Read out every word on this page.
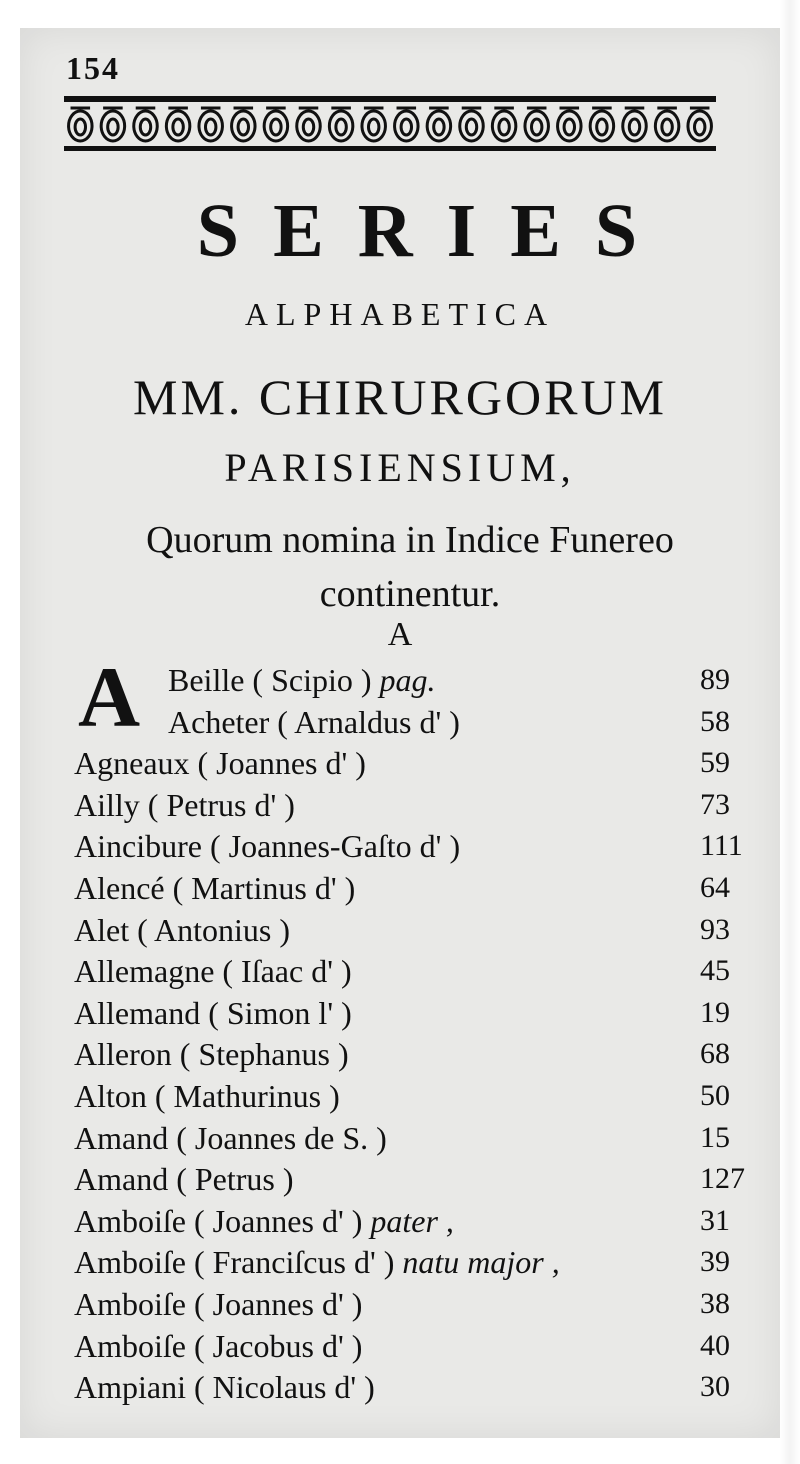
154
SERIES
ALPHABETICA
MM. CHIRURGORUM
PARISIENSIUM,
Quorum nomina in Indice Funereo
continentur.
A
A Beille ( Scipio ) pag.	89
Acheter ( Arnaldus d' )	58
Agneaux ( Joannes d' )	59
Ailly ( Petrus d' )	73
Aincibure ( Joannes-Gaſto d' )	111
Alencé ( Martinus d' )	64
Alet ( Antonius )	93
Allemagne ( Iſaac d' )	45
Allemand ( Simon l' )	19
Alleron ( Stephanus )	68
Alton ( Mathurinus )	50
Amand ( Joannes de S. )	15
Amand ( Petrus )	127
Amboiſe ( Joannes d' ) pater ,	31
Amboiſe ( Franciſcus d' ) natu major ,	39
Amboiſe ( Joannes d' )	38
Amboiſe ( Jacobus d' )	40
Ampiani ( Nicolaus d' )	30
